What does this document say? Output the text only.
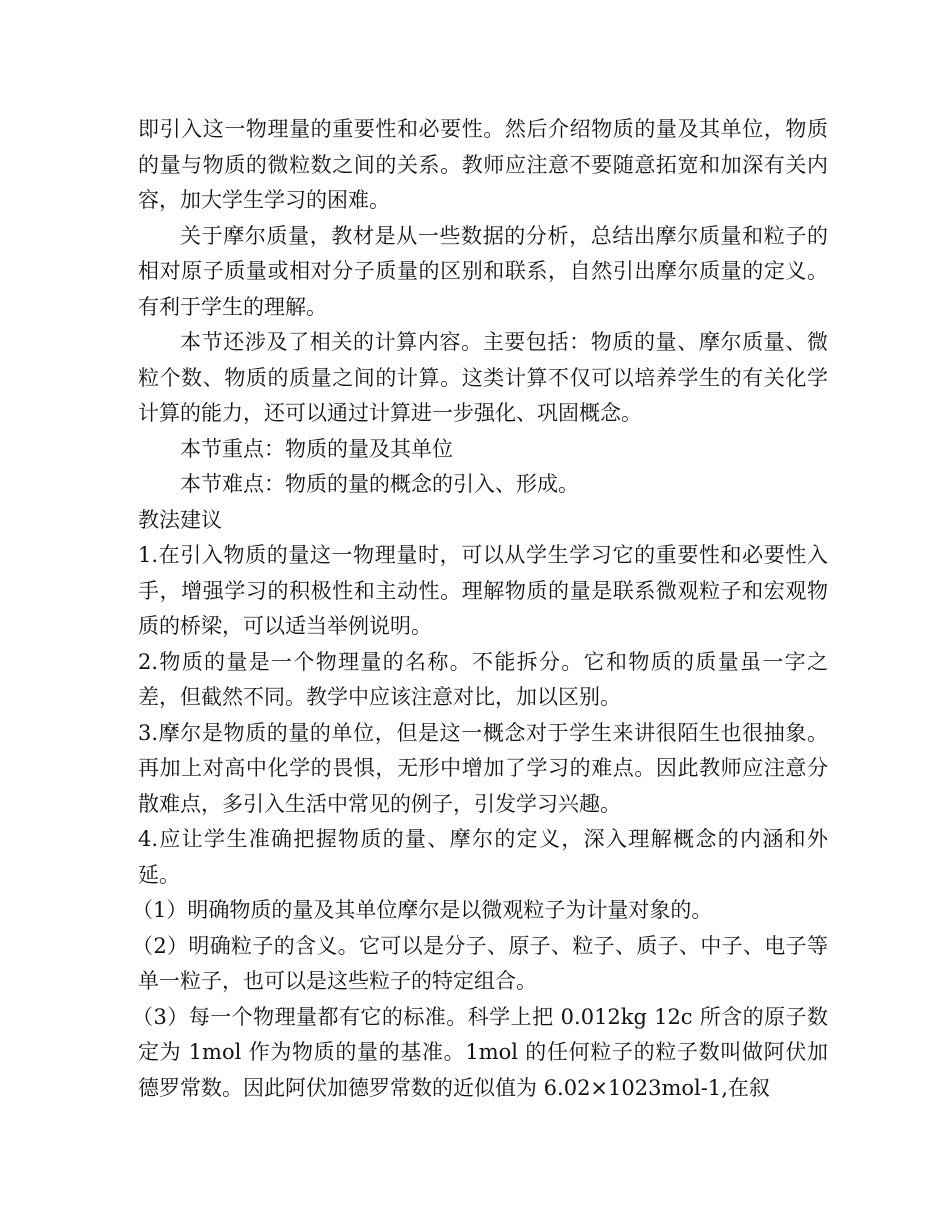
即引入这一物理量的重要性和必要性。然后介绍物质的量及其单位，物质的量与物质的微粒数之间的关系。教师应注意不要随意拓宽和加深有关内容，加大学生学习的困难。

关于摩尔质量，教材是从一些数据的分析，总结出摩尔质量和粒子的相对原子质量或相对分子质量的区别和联系，自然引出摩尔质量的定义。有利于学生的理解。

本节还涉及了相关的计算内容。主要包括：物质的量、摩尔质量、微粒个数、物质的质量之间的计算。这类计算不仅可以培养学生的有关化学计算的能力，还可以通过计算进一步强化、巩固概念。

本节重点：物质的量及其单位

本节难点：物质的量的概念的引入、形成。

教法建议

1.在引入物质的量这一物理量时，可以从学生学习它的重要性和必要性入手，增强学习的积极性和主动性。理解物质的量是联系微观粒子和宏观物质的桥梁，可以适当举例说明。

2.物质的量是一个物理量的名称。不能拆分。它和物质的质量虽一字之差，但截然不同。教学中应该注意对比，加以区别。

3.摩尔是物质的量的单位，但是这一概念对于学生来讲很陌生也很抽象。再加上对高中化学的畏惧，无形中增加了学习的难点。因此教师应注意分散难点，多引入生活中常见的例子，引发学习兴趣。

4.应让学生准确把握物质的量、摩尔的定义，深入理解概念的内涵和外延。

（1）明确物质的量及其单位摩尔是以微观粒子为计量对象的。

（2）明确粒子的含义。它可以是分子、原子、粒子、质子、中子、电子等单一粒子，也可以是这些粒子的特定组合。

（3）每一个物理量都有它的标准。科学上把 0.012kg 12c 所含的原子数定为 1mol 作为物质的量的基准。1mol 的任何粒子的粒子数叫做阿伏加德罗常数。因此阿伏加德罗常数的近似值为 6.02×1023mol-1,在叙
